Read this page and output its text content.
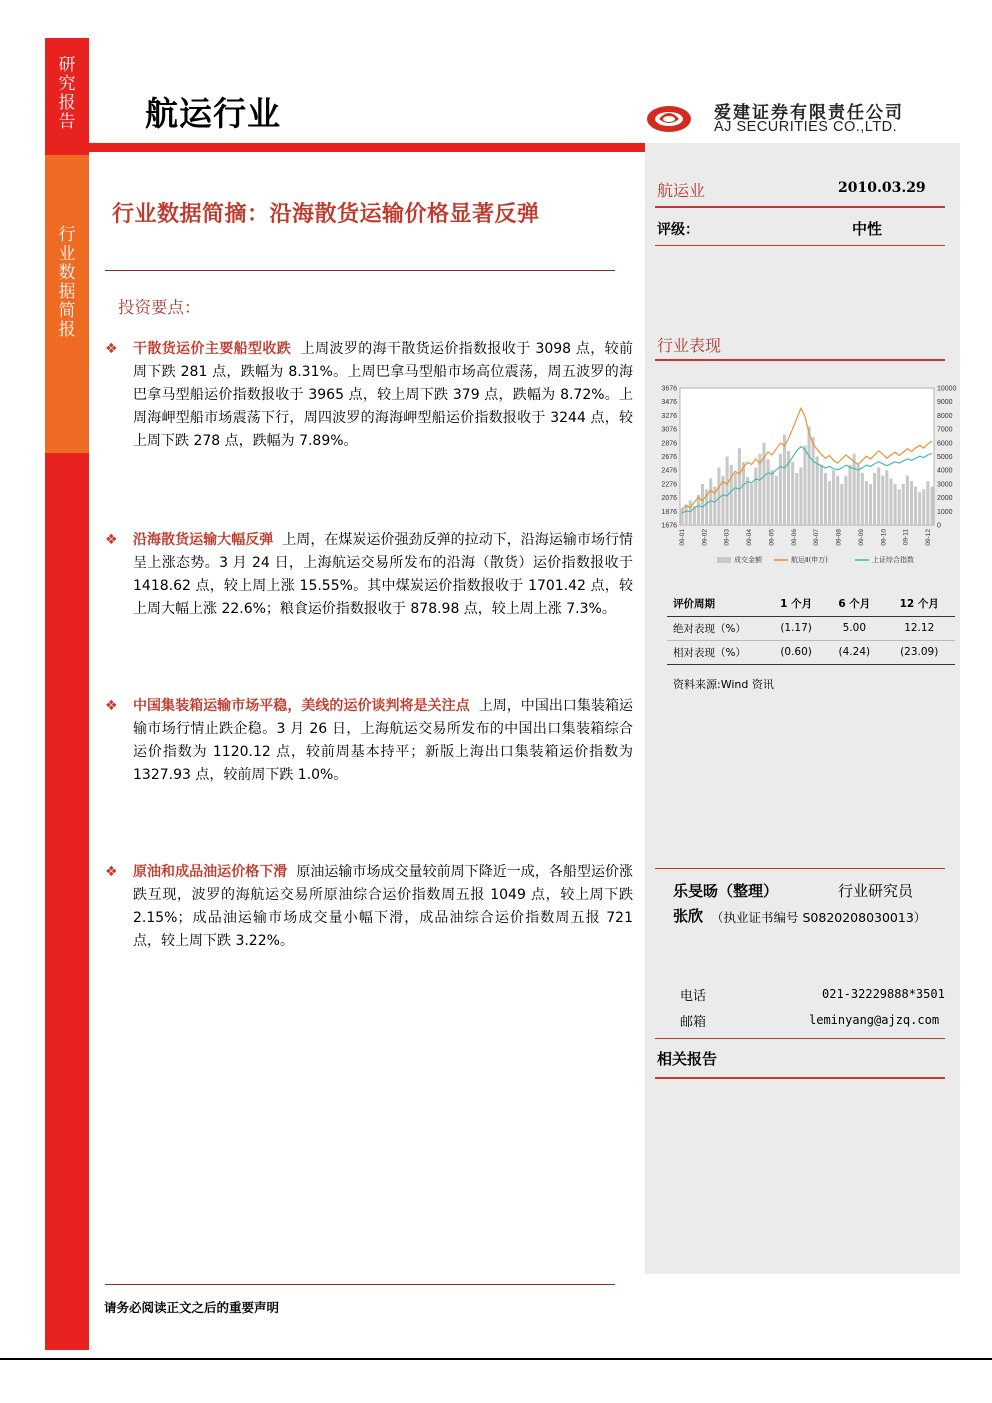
研
究
报
告
行
业
数
据
简
报
航运行业	爱建证券有限责任公司
AJ SECURITIES CO.,LTD.
行业数据简摘：沿海散货运输价格显著反弹
投资要点：
❖ 干散货运价主要船型收跌 上周波罗的海干散货运价指数报收于 3098 点，较前周下跌 281 点，跌幅为 8.31%。上周巴拿马型船市场高位震荡，周五波罗的海巴拿马型船运价指数报收于 3965 点，较上周下跌 379 点，跌幅为 8.72%。上周海岬型船市场震荡下行，周四波罗的海海岬型船运价指数报收于 3244 点，较上周下跌 278 点，跌幅为 7.89%。
❖ 沿海散货运输大幅反弹 上周，在煤炭运价强劲反弹的拉动下，沿海运输市场行情呈上涨态势。3 月 24 日，上海航运交易所发布的沿海（散货）运价指数报收于 1418.62 点，较上周上涨 15.55%。其中煤炭运价指数报收于 1701.42 点，较上周大幅上涨 22.6%；粮食运价指数报收于 878.98 点，较上周上涨 7.3%。
❖ 中国集装箱运输市场平稳，美线的运价谈判将是关注点 上周，中国出口集装箱运输市场行情止跌企稳。3 月 26 日，上海航运交易所发布的中国出口集装箱综合运价指数为 1120.12 点，较前周基本持平；新版上海出口集装箱运价指数为 1327.93 点，较前周下跌 1.0%。
❖ 原油和成品油运价格下滑 原油运输市场成交量较前周下降近一成，各船型运价涨跌互现，波罗的海航运交易所原油综合运价指数周五报 1049 点，较上周下跌 2.15%；成品油运输市场成交量小幅下滑，成品油综合运价指数周五报 721 点，较上周下跌 3.22%。
请务必阅读正文之后的重要声明
航运业	2010.03.29
评级：	中性
行业表现
3676
3476
3276
3076
2876
2676
2476
2276
2076
1876
1676
10000
9000
8000
7000
6000
5000
4000
3000
2000
1000
0
09-01 09-02 09-03 09-04 09-05 09-06 09-07 09-08 09-09 09-10 09-11 09-12
成交金额	航运Ⅱ(申万)	上证综合指数
评价周期	1 个月	6 个月	12 个月
绝对表现（%）	(1.17)	5.00	12.12
相对表现（%）	(0.60)	(4.24)	(23.09)
资料来源:Wind 资讯
乐旻旸（整理）	行业研究员
张欣 （执业证书编号 S0820208030013）
电话	021-32229888*3501
邮箱	leminyang@ajzq.com
相关报告
